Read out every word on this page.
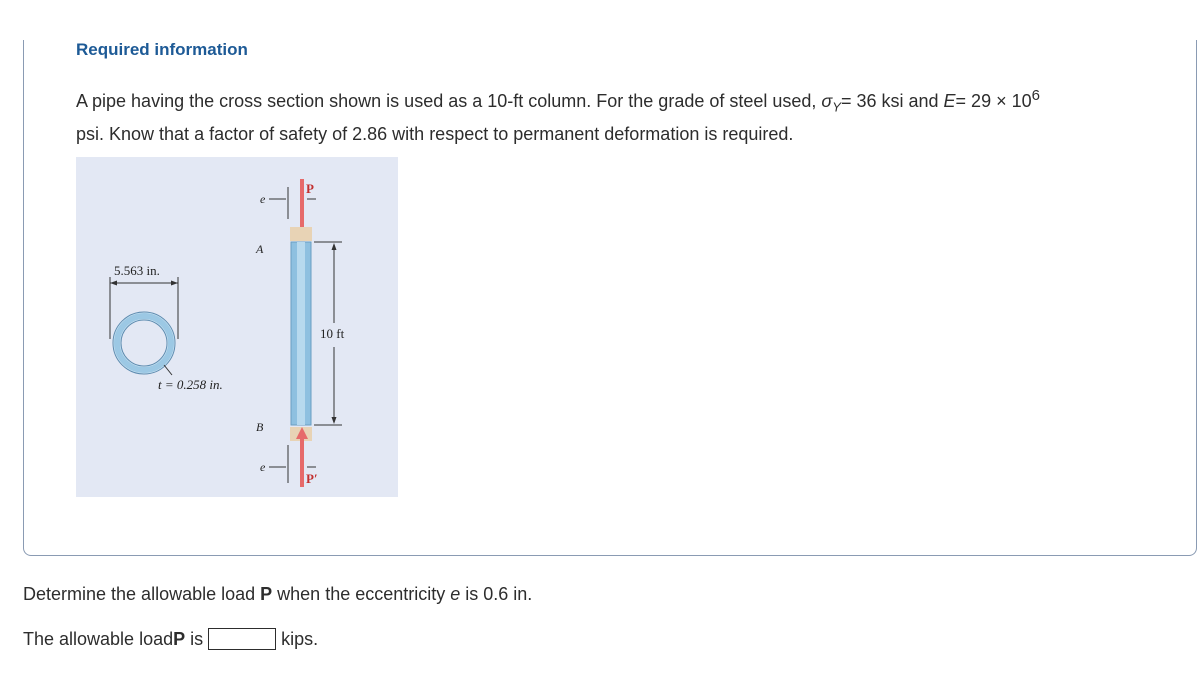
Required information
A pipe having the cross section shown is used as a 10-ft column. For the grade of steel used, $\sigma_Y= 36$ ksi and $E= 29 \times 10^6$
psi. Know that a factor of safety of 2.86 with respect to permanent deformation is required.
5.563 in.
t = 0.258 in.
e
P
A
B
10 ft
e
P′
Determine the allowable load P when the eccentricity e is 0.6 in.
The allowable load P is	kips.
